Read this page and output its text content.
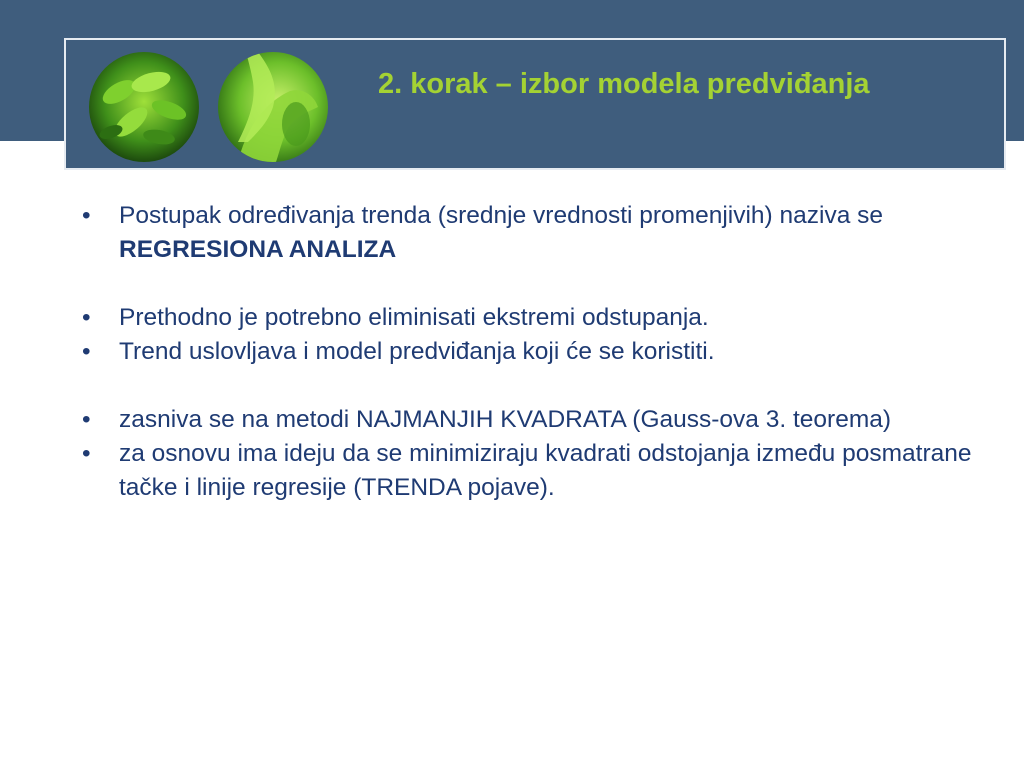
2. korak – izbor modela predviđanja

• Postupak određivanja trenda (srednje vrednosti promenjivih) naziva se REGRESIONA ANALIZA

• Prethodno je potrebno eliminisati ekstremi odstupanja.

• Trend uslovljava i model predviđanja koji će se koristiti.

• zasniva se na metodi NAJMANJIH KVADRATA (Gauss-ova 3. teorema)

• za osnovu ima ideju da se minimiziraju kvadrati odstojanja između posmatrane tačke i linije regresije (TRENDA pojave).
